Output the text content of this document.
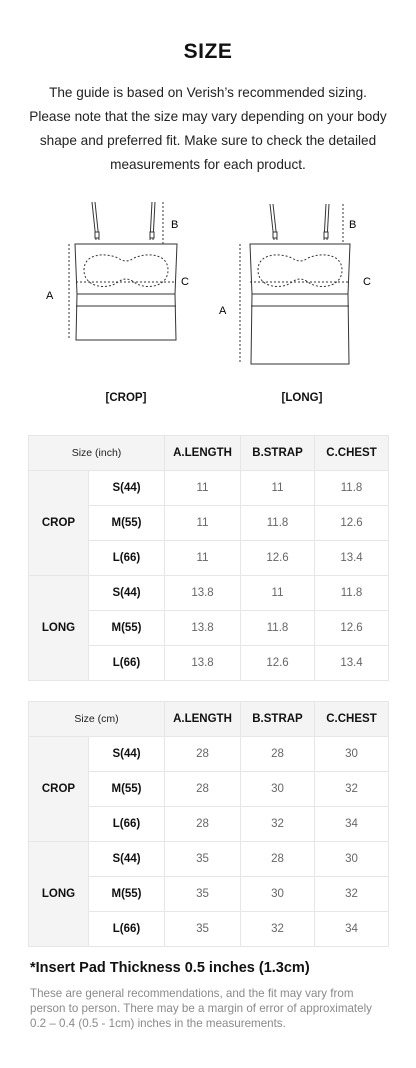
SIZE

The guide is based on Verish’s recommended sizing. Please note that the size may vary depending on your body shape and preferred fit. Make sure to check the detailed measurements for each product.

A
B
C
A
B
C
[CROP]	[LONG]
Size (inch)		A.LENGTH	B.STRAP	C.CHEST
CROP	S(44)	11	11	11.8
	M(55)	11	11.8	12.6
	L(66)	11	12.6	13.4
LONG	S(44)	13.8	11	11.8
	M(55)	13.8	11.8	12.6
	L(66)	13.8	12.6	13.4
Size (cm)		A.LENGTH	B.STRAP	C.CHEST
CROP	S(44)	28	28	30
	M(55)	28	30	32
	L(66)	28	32	34
LONG	S(44)	35	28	30
	M(55)	35	30	32
	L(66)	35	32	34
*Insert Pad Thickness 0.5 inches (1.3cm)

These are general recommendations, and the fit may vary from person to person. There may be a margin of error of approximately 0.2 – 0.4 (0.5 - 1cm) inches in the measurements.
